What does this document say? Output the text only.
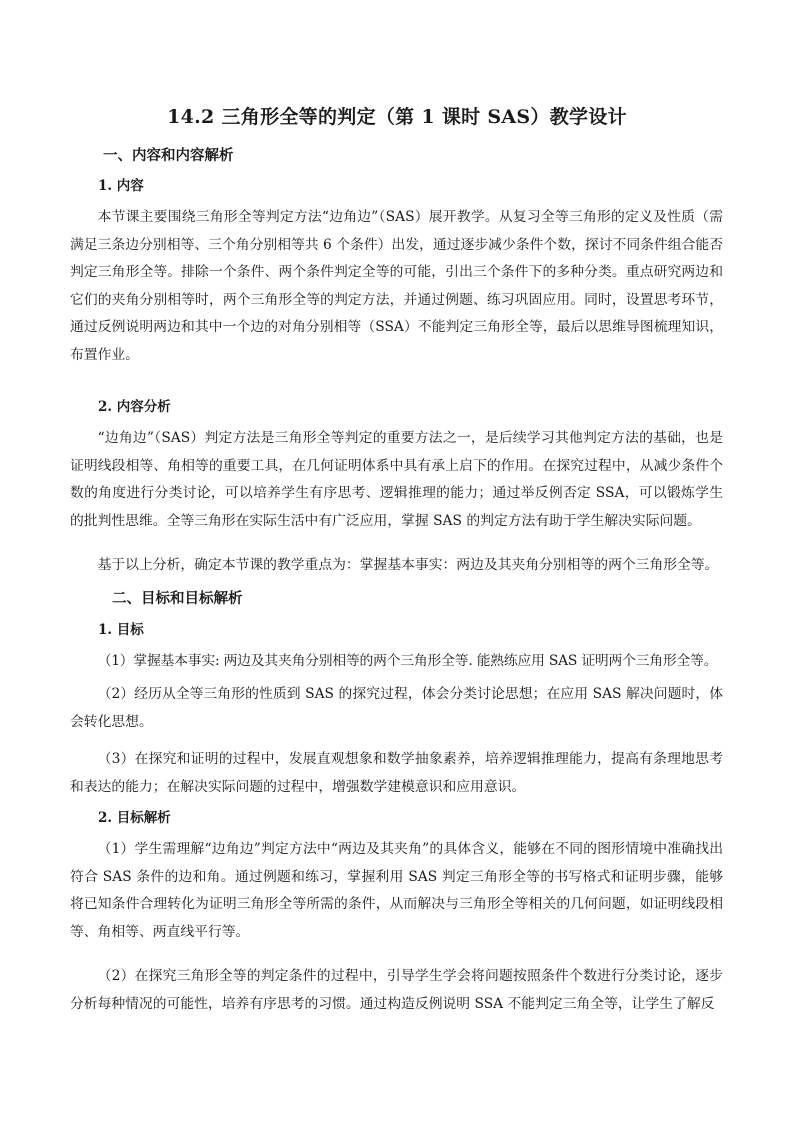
14.2 三角形全等的判定（第 1 课时 SAS）教学设计
一、内容和内容解析
1. 内容

本节课主要围绕三角形全等判定方法“边角边”（SAS）展开教学。从复习全等三角形的定义及性质（需满足三条边分别相等、三个角分别相等共 6 个条件）出发，通过逐步减少条件个数，探讨不同条件组合能否判定三角形全等。排除一个条件、两个条件判定全等的可能，引出三个条件下的多种分类。重点研究两边和它们的夹角分别相等时，两个三角形全等的判定方法，并通过例题、练习巩固应用。同时，设置思考环节，通过反例说明两边和其中一个边的对角分别相等（SSA）不能判定三角形全等，最后以思维导图梳理知识，布置作业。

2. 内容分析

“边角边”（SAS）判定方法是三角形全等判定的重要方法之一，是后续学习其他判定方法的基础，也是证明线段相等、角相等的重要工具，在几何证明体系中具有承上启下的作用。在探究过程中，从减少条件个数的角度进行分类讨论，可以培养学生有序思考、逻辑推理的能力；通过举反例否定 SSA，可以锻炼学生的批判性思维。全等三角形在实际生活中有广泛应用，掌握 SAS 的判定方法有助于学生解决实际问题。

基于以上分析，确定本节课的教学重点为：掌握基本事实：两边及其夹角分别相等的两个三角形全等。

二、目标和目标解析
1. 目标

（1）掌握基本事实: 两边及其夹角分别相等的两个三角形全等. 能熟练应用 SAS 证明两个三角形全等。

（2）经历从全等三角形的性质到 SAS 的探究过程，体会分类讨论思想；在应用 SAS 解决问题时，体会转化思想。

（3）在探究和证明的过程中，发展直观想象和数学抽象素养，培养逻辑推理能力，提高有条理地思考和表达的能力；在解决实际问题的过程中，增强数学建模意识和应用意识。

2. 目标解析

（1）学生需理解“边角边”判定方法中“两边及其夹角”的具体含义，能够在不同的图形情境中准确找出符合 SAS 条件的边和角。通过例题和练习，掌握利用 SAS 判定三角形全等的书写格式和证明步骤，能够将已知条件合理转化为证明三角形全等所需的条件，从而解决与三角形全等相关的几何问题，如证明线段相等、角相等、两直线平行等。

（2）在探究三角形全等的判定条件的过程中，引导学生学会将问题按照条件个数进行分类讨论，逐步分析每种情况的可能性，培养有序思考的习惯。通过构造反例说明 SSA 不能判定三角全等，让学生了解反
